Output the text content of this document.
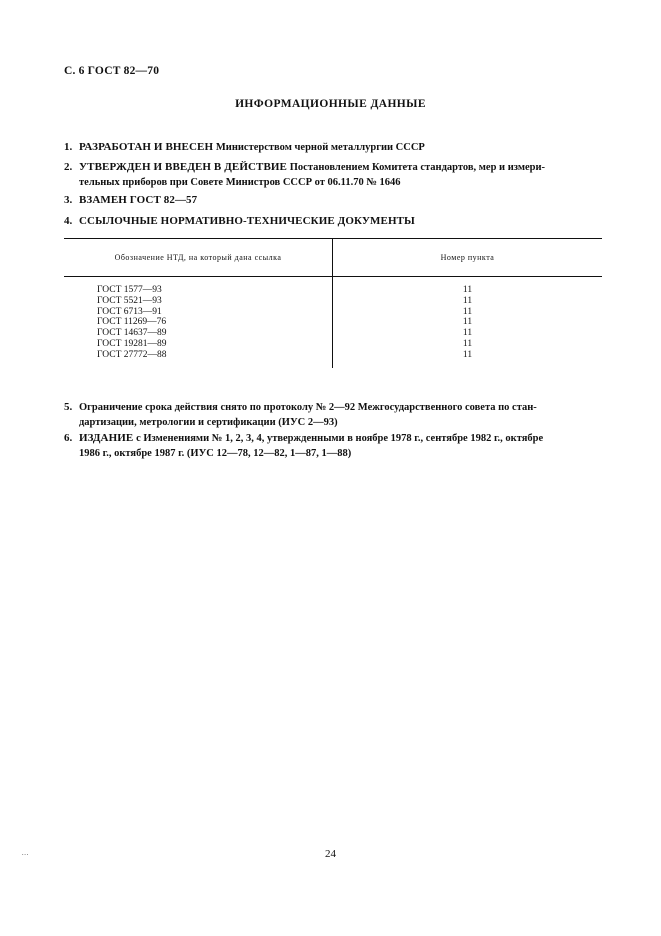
С. 6 ГОСТ 82—70
ИНФОРМАЦИОННЫЕ ДАННЫЕ
1. РАЗРАБОТАН И ВНЕСЕН Министерством черной металлургии СССР
2. УТВЕРЖДЕН И ВВЕДЕН В ДЕЙСТВИЕ Постановлением Комитета стандартов, мер и измери-
тельных приборов при Совете Министров СССР от 06.11.70 № 1646
3. ВЗАМЕН ГОСТ 82—57
4. ССЫЛОЧНЫЕ НОРМАТИВНО-ТЕХНИЧЕСКИЕ ДОКУМЕНТЫ
Обозначение НТД, на который дана ссылка	Номер пункта
ГОСТ 1577—93
ГОСТ 5521—93
ГОСТ 6713—91
ГОСТ 11269—76
ГОСТ 14637—89
ГОСТ 19281—89
ГОСТ 27772—88
11
11
11
11
11
11
11
5. Ограничение срока действия снято по протоколу № 2—92 Межгосударственного совета по стан-
дартизации, метрологии и сертификации (ИУС 2—93)
6. ИЗДАНИЕ с Изменениями № 1, 2, 3, 4, утвержденными в ноябре 1978 г., сентябре 1982 г., октябре
1986 г., октябре 1987 г. (ИУС 12—78, 12—82, 1—87, 1—88)
24
•••
